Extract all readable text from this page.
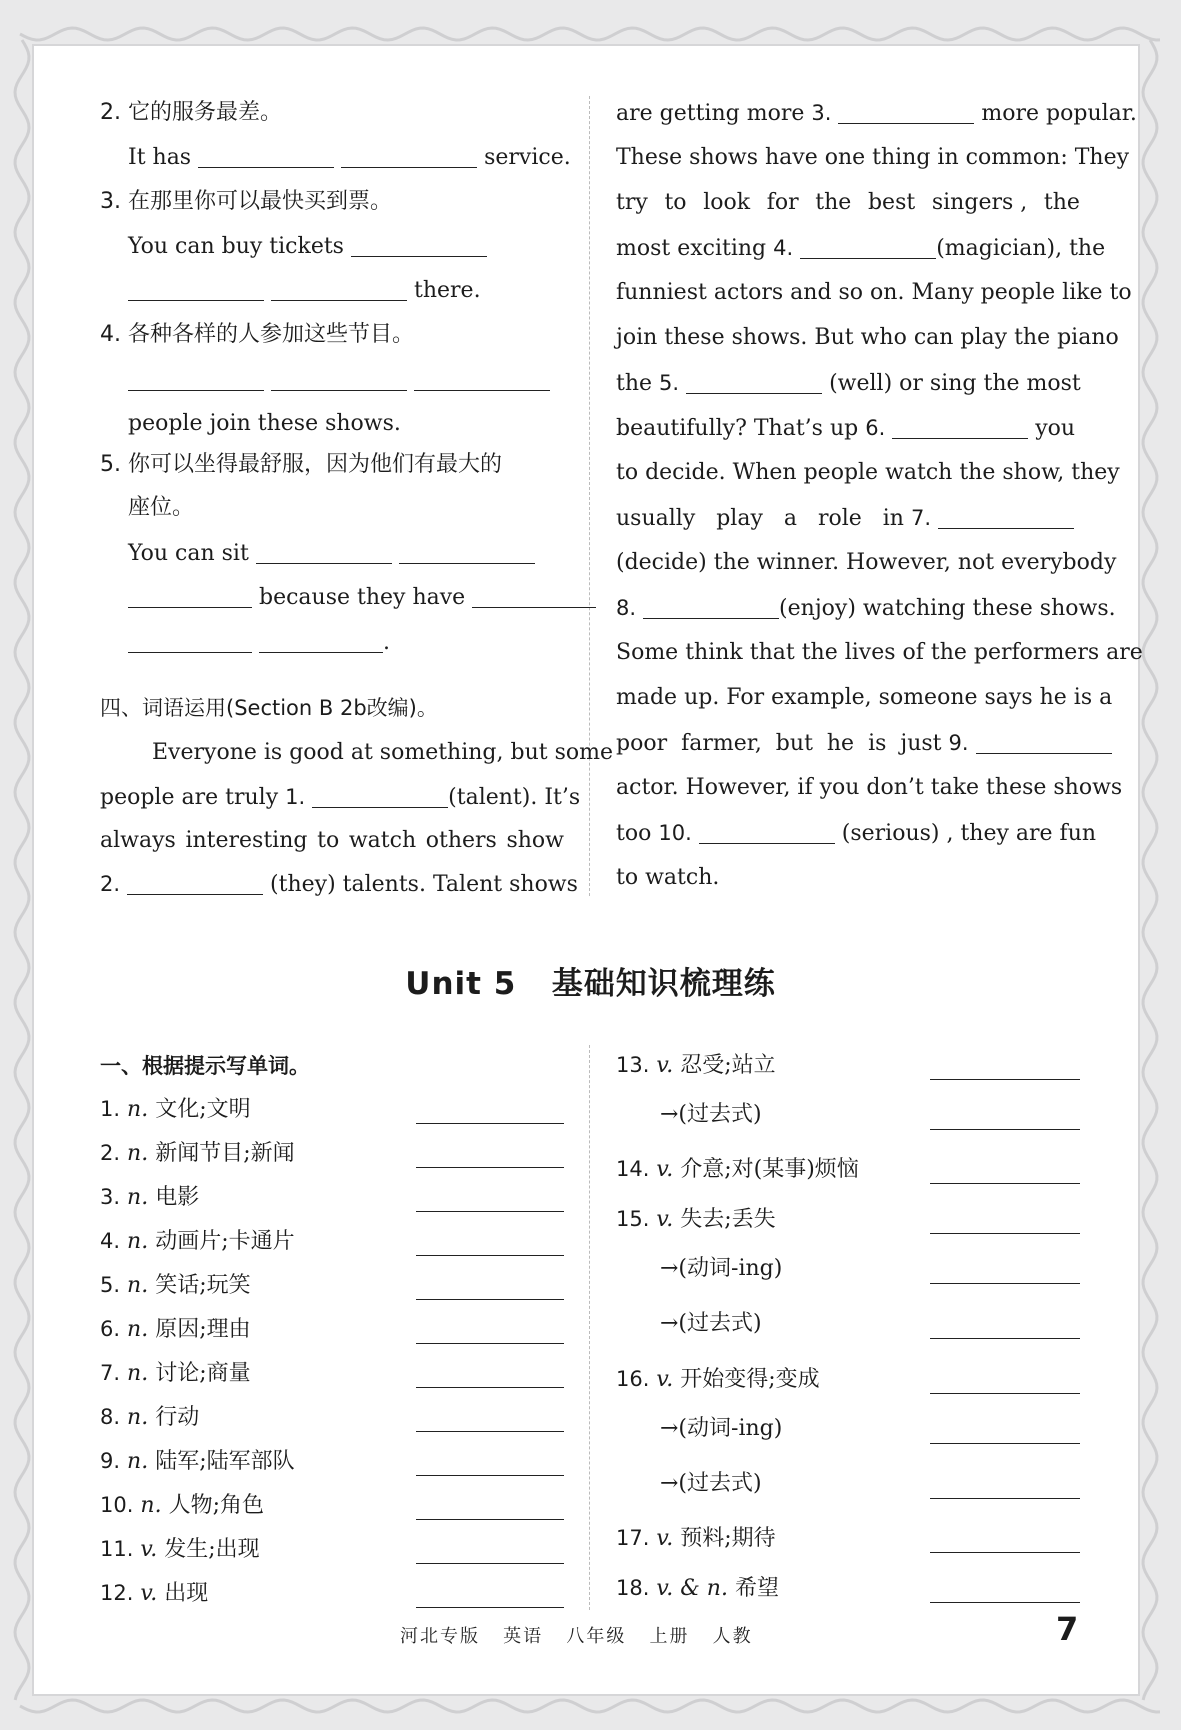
2. 它的服务最差。
It has	service.
3. 在那里你可以最快买到票。
You can buy tickets
there.
4. 各种各样的人参加这些节目。

people join these shows.
5. 你可以坐得最舒服，因为他们有最大的
座位。
You can sit
because they have
.
四、词语运用(Section B 2b改编)。
Everyone is good at something, but some
people are truly 1.	(talent). It’s
always interesting to watch others show
2.	(they) talents. Talent shows
are getting more 3.	more popular.
These shows have one thing in common: They
try to look for the best singers , the
most exciting 4.	(magician), the
funniest actors and so on. Many people like to
join these shows. But who can play the piano
the 5.	(well) or sing the most
beautifully? That’s up 6.	you
to decide. When people watch the show, they
usually   play   a   role   in 7.
(decide) the winner. However, not everybody
8.	(enjoy) watching these shows.
Some think that the lives of the performers are
made up. For example, someone says he is a
poor  farmer,  but  he  is  just 9.
actor. However, if you don’t take these shows
too 10.	(serious) , they are fun
to watch.
Unit 5 基础知识梳理练
一、根据提示写单词。
1. n. 文化;文明
2. n. 新闻节目;新闻
3. n. 电影
4. n. 动画片;卡通片
5. n. 笑话;玩笑
6. n. 原因;理由
7. n. 讨论;商量
8. n. 行动
9. n. 陆军;陆军部队
10. n. 人物;角色
11. v. 发生;出现
12. v. 出现
13. v. 忍受;站立
→(过去式)
14. v. 介意;对(某事)烦恼
15. v. 失去;丢失
→(动词-ing)
→(过去式)
16. v. 开始变得;变成
→(动词-ing)
→(过去式)
17. v. 预料;期待
18. v. & n. 希望
河北专版   英语   八年级   上册   人教	7
